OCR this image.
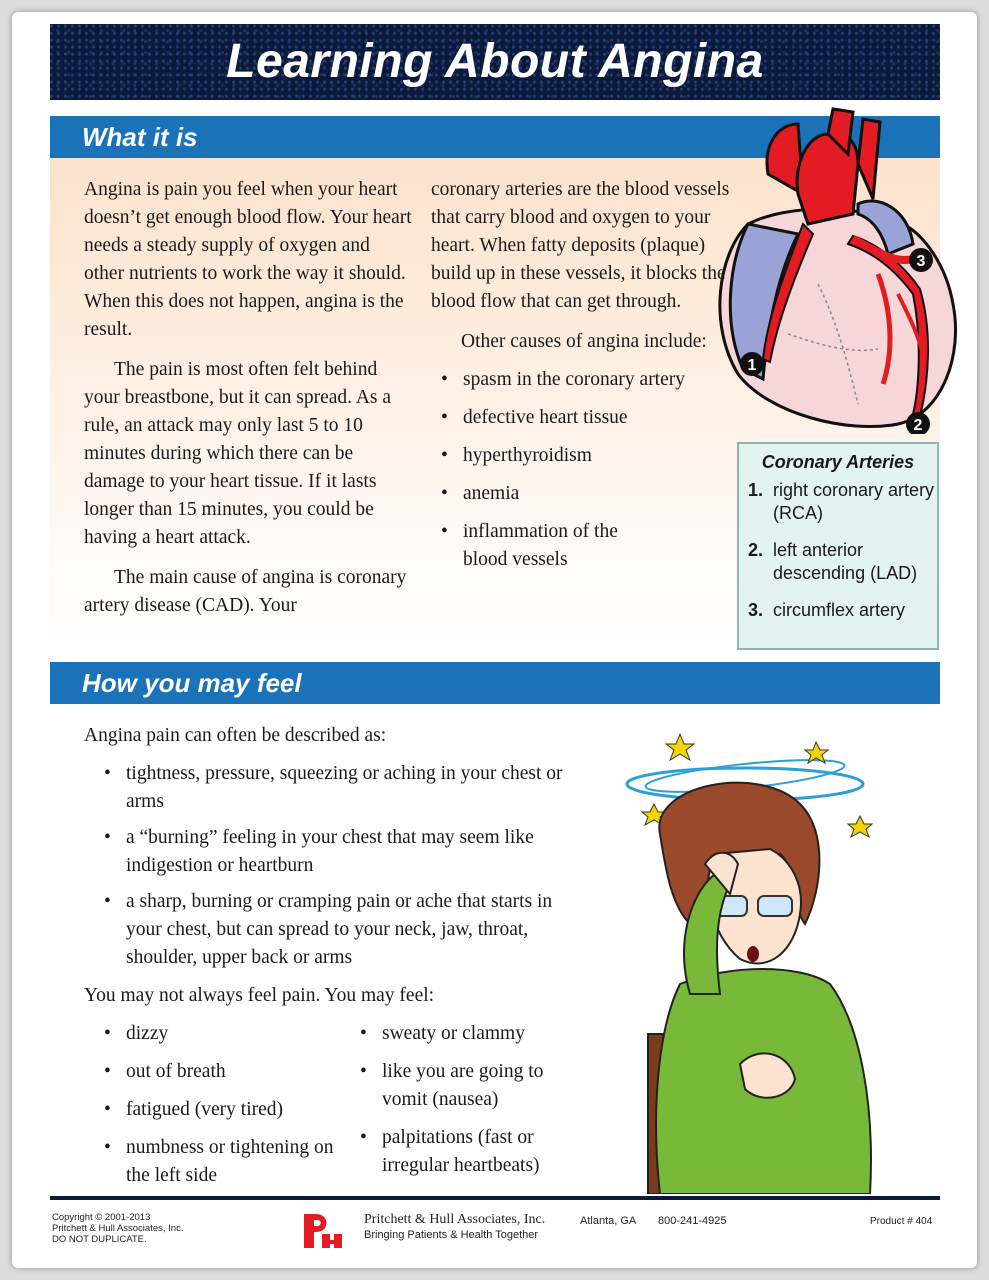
Learning About Angina
What it is
1
2
3

Angina is pain you feel when your heart doesn’t get enough blood flow. Your heart needs a steady supply of oxygen and other nutrients to work the way it should. When this does not happen, angina is the result.

The pain is most often felt behind your breastbone, but it can spread. As a rule, an attack may only last 5 to 10 minutes during which there can be damage to your heart tissue. If it lasts longer than 15 minutes, you could be having a heart attack.

The main cause of angina is coronary artery disease (CAD). Your

coronary arteries are the blood vessels that carry blood and oxygen to your heart. When fatty deposits (plaque) build up in these vessels, it blocks the blood flow that can get through.

Other causes of angina include:

• spasm in the coronary artery
• defective heart tissue
• hyperthyroidism
• anemia
• inflammation of the blood vessels
Coronary Arteries
1. right coronary artery (RCA)
2. left anterior descending (LAD)
3. circumflex artery
How you may feel

Angina pain can often be described as:

• tightness, pressure, squeezing or aching in your chest or arms
• a “burning” feeling in your chest that may seem like indigestion or heartburn
• a sharp, burning or cramping pain or ache that starts in your chest, but can spread to your neck, jaw, throat, shoulder, upper back or arms

You may not always feel pain. You may feel:

• dizzy
• out of breath
• fatigued (very tired)
• numbness or tightening on the left side
• sweaty or clammy
• like you are going to vomit (nausea)
• palpitations (fast or irregular heartbeats)
Copyright © 2001-2013
Pritchett & Hull Associates, Inc.
DO NOT DUPLICATE.
Pritchett & Hull Associates, Inc.
Bringing Patients & Health Together
Atlanta, GA 800-241-4925	Product # 404
